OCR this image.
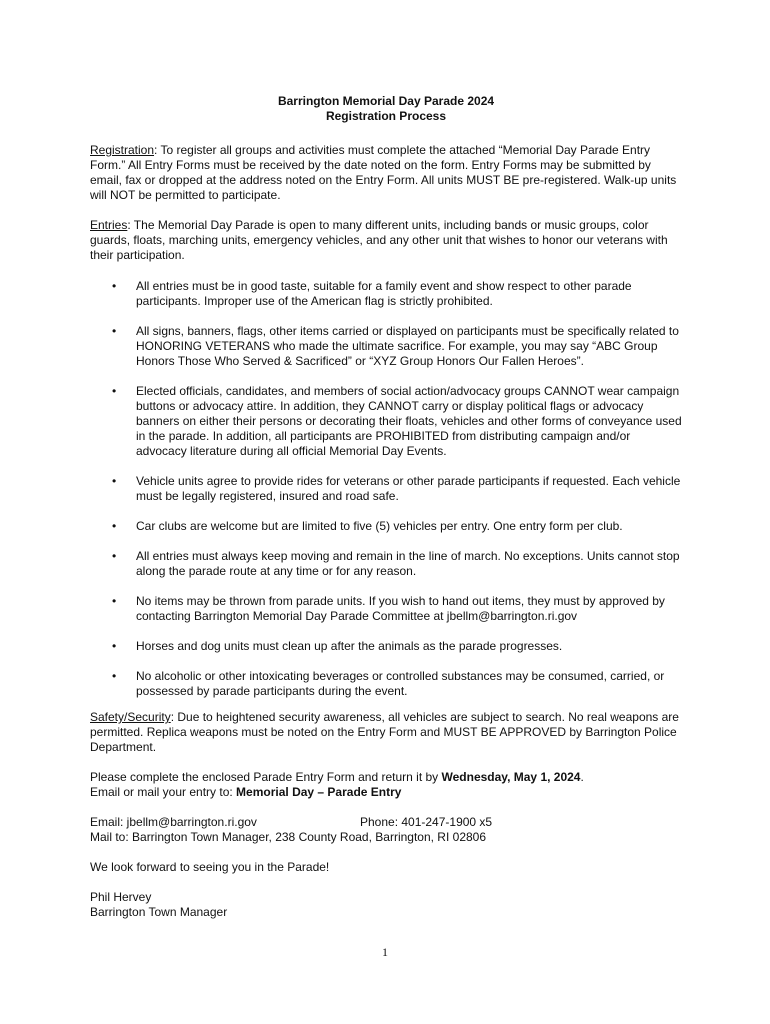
Barrington Memorial Day Parade 2024
Registration Process

Registration: To register all groups and activities must complete the attached “Memorial Day Parade Entry Form.” All Entry Forms must be received by the date noted on the form. Entry Forms may be submitted by email, fax or dropped at the address noted on the Entry Form. All units MUST BE pre-registered. Walk-up units will NOT be permitted to participate.

Entries: The Memorial Day Parade is open to many different units, including bands or music groups, color guards, floats, marching units, emergency vehicles, and any other unit that wishes to honor our veterans with their participation.

• All entries must be in good taste, suitable for a family event and show respect to other parade participants. Improper use of the American flag is strictly prohibited.
• All signs, banners, flags, other items carried or displayed on participants must be specifically related to HONORING VETERANS who made the ultimate sacrifice. For example, you may say “ABC Group Honors Those Who Served & Sacrificed” or “XYZ Group Honors Our Fallen Heroes”.
• Elected officials, candidates, and members of social action/advocacy groups CANNOT wear campaign buttons or advocacy attire. In addition, they CANNOT carry or display political flags or advocacy banners on either their persons or decorating their floats, vehicles and other forms of conveyance used in the parade. In addition, all participants are PROHIBITED from distributing campaign and/or advocacy literature during all official Memorial Day Events.
• Vehicle units agree to provide rides for veterans or other parade participants if requested. Each vehicle must be legally registered, insured and road safe.
• Car clubs are welcome but are limited to five (5) vehicles per entry. One entry form per club.
• All entries must always keep moving and remain in the line of march. No exceptions. Units cannot stop along the parade route at any time or for any reason.
• No items may be thrown from parade units. If you wish to hand out items, they must by approved by contacting Barrington Memorial Day Parade Committee at jbellm@barrington.ri.gov
• Horses and dog units must clean up after the animals as the parade progresses.
• No alcoholic or other intoxicating beverages or controlled substances may be consumed, carried, or possessed by parade participants during the event.

Safety/Security: Due to heightened security awareness, all vehicles are subject to search. No real weapons are permitted. Replica weapons must be noted on the Entry Form and MUST BE APPROVED by Barrington Police Department.

Please complete the enclosed Parade Entry Form and return it by Wednesday, May 1, 2024.
Email or mail your entry to: Memorial Day – Parade Entry

Email: jbellm@barrington.ri.gov	Phone: 401-247-1900 x5
Mail to: Barrington Town Manager, 238 County Road, Barrington, RI 02806

We look forward to seeing you in the Parade!

Phil Hervey
Barrington Town Manager
1
